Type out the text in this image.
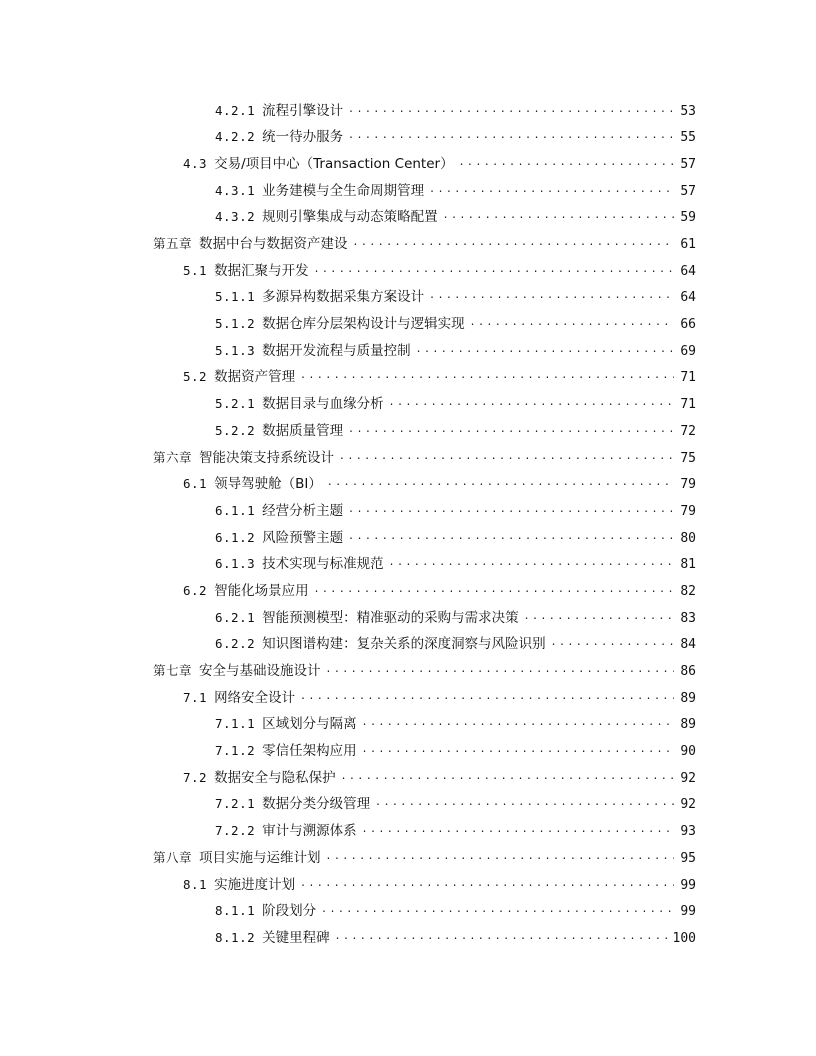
4.2.1 流程引擎设计 . . .	53
4.2.2 统一待办服务 . . .	55
4.3 交易/项目中心（Transaction Center） . . .	57
4.3.1 业务建模与全生命周期管理 . . .	57
4.3.2 规则引擎集成与动态策略配置 . . .	59
第五章 数据中台与数据资产建设 . . .	61
5.1 数据汇聚与开发 . . .	64
5.1.1 多源异构数据采集方案设计 . . .	64
5.1.2 数据仓库分层架构设计与逻辑实现 . . .	66
5.1.3 数据开发流程与质量控制 . . .	69
5.2 数据资产管理 . . .	71
5.2.1 数据目录与血缘分析 . . .	71
5.2.2 数据质量管理 . . .	72
第六章 智能决策支持系统设计 . . .	75
6.1 领导驾驶舱（BI） . . .	79
6.1.1 经营分析主题 . . .	79
6.1.2 风险预警主题 . . .	80
6.1.3 技术实现与标准规范 . . .	81
6.2 智能化场景应用 . . .	82
6.2.1 智能预测模型：精准驱动的采购与需求决策 . . .	83
6.2.2 知识图谱构建：复杂关系的深度洞察与风险识别 . . .	84
第七章 安全与基础设施设计 . . .	86
7.1 网络安全设计 . . .	89
7.1.1 区域划分与隔离 . . .	89
7.1.2 零信任架构应用 . . .	90
7.2 数据安全与隐私保护 . . .	92
7.2.1 数据分类分级管理 . . .	92
7.2.2 审计与溯源体系 . . .	93
第八章 项目实施与运维计划 . . .	95
8.1 实施进度计划 . . .	99
8.1.1 阶段划分 . . .	99
8.1.2 关键里程碑 . . .	100
